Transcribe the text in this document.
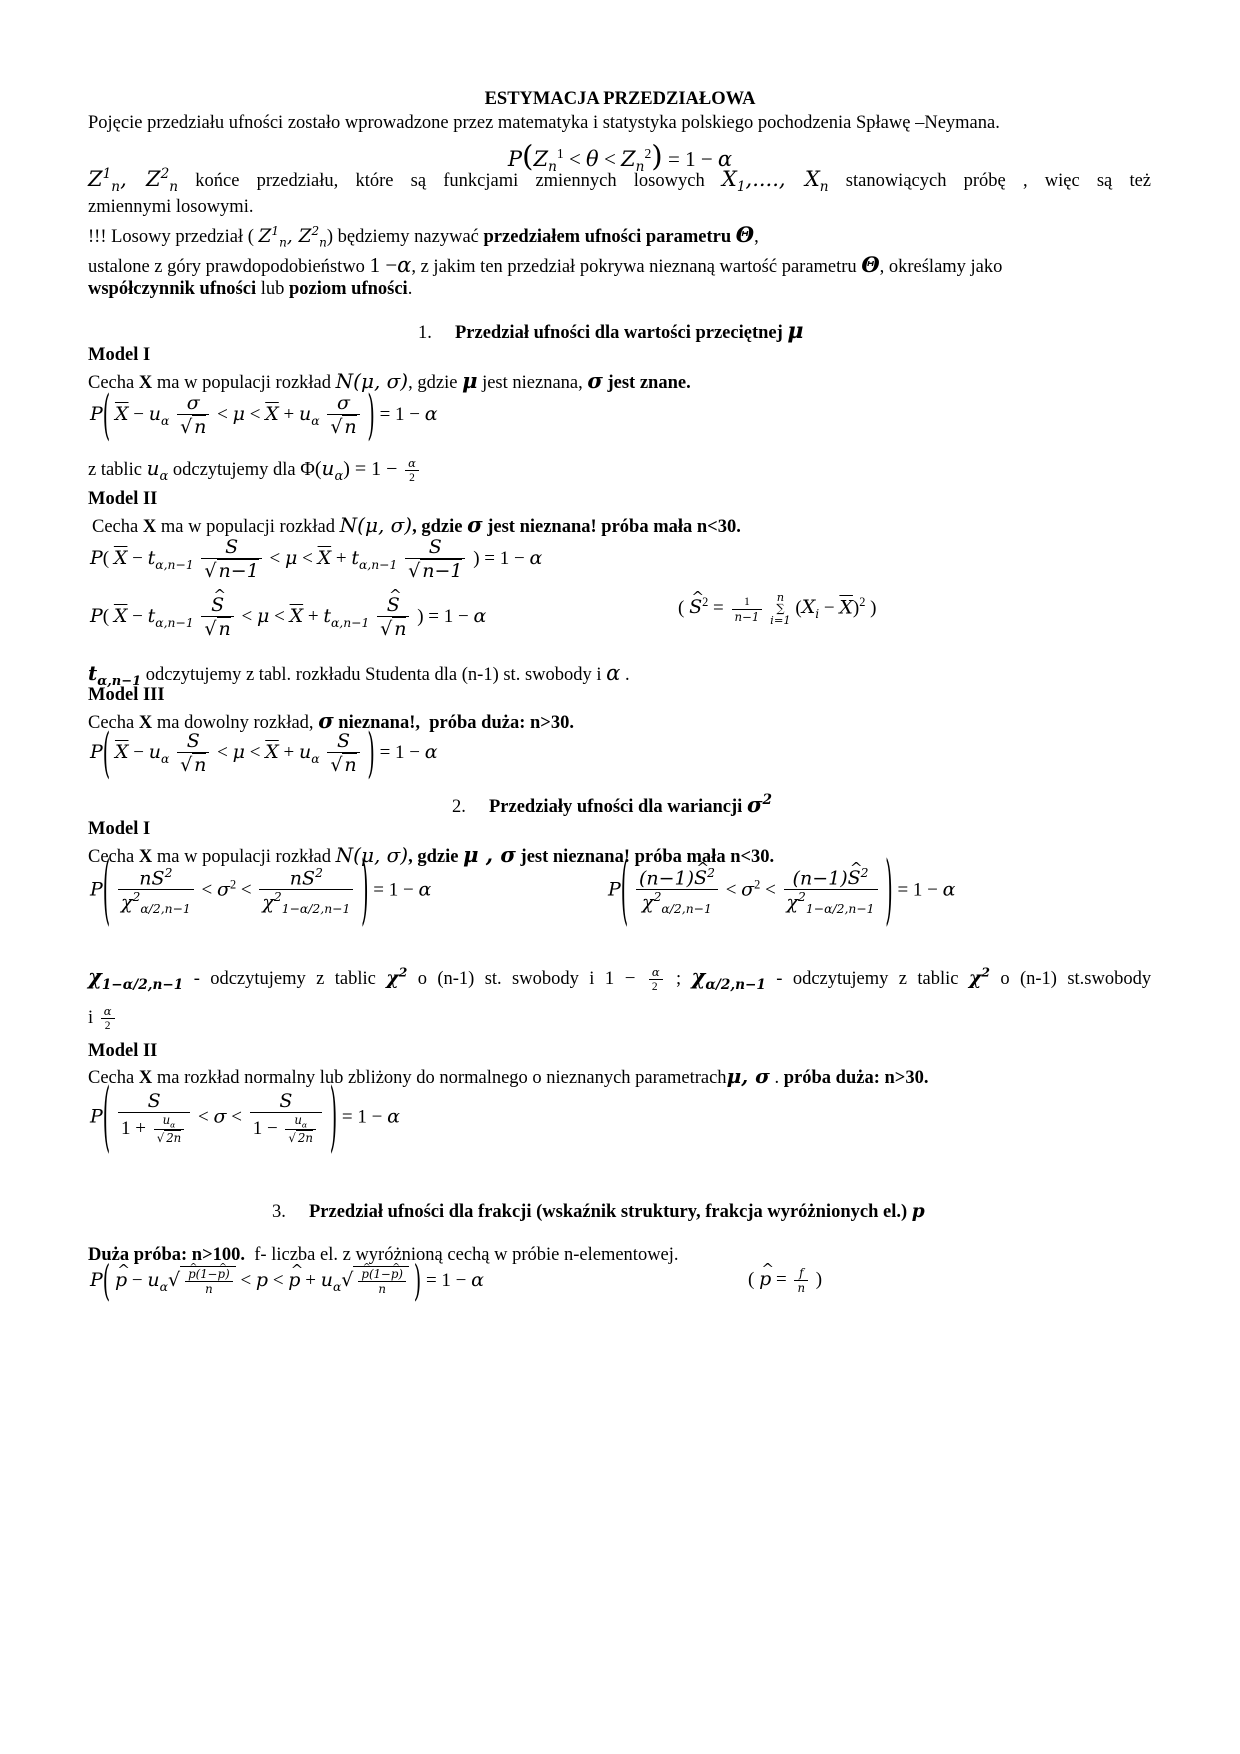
ESTYMACJA PRZEDZIAŁOWA
Pojęcie przedziału ufności zostało wprowadzone przez matematyka i statystyka polskiego pochodzenia Spławę –Neymana.
$P(Z_n^1 < \theta < Z_n^2) = 1 - \alpha$
$Z^1_n$, $Z^2_n$ końce przedziału, które są funkcjami zmiennych losowych $X_1$,...., $X_n$ stanowiących próbę , więc są też
zmiennymi losowymi.
!!! Losowy przedział ( $Z^1_n$, $Z^2_n$) będziemy nazywać przedziałem ufności parametru Θ,
ustalone z góry prawdopodobieństwo 1 −α, z jakim ten przedział pokrywa nieznaną wartość parametru Θ, określamy jako
współczynnik ufności lub poziom ufności.
1. Przedział ufności dla wartości przeciętnej μ
Model I
Cecha X ma w populacji rozkład N(μ, σ), gdzie μ jest nieznana, σ jest znane.
P( $\overline{X} - u_\alpha \frac{\sigma}{√ n} < \mu < \overline{X} + u_\alpha \frac{\sigma}{√ n}$ ) = 1 − α
z tablic $u_\alpha$ odczytujemy dla $\Phi(u_\alpha) = 1 - \frac{\alpha}{2}$
Model II
Cecha X ma w populacji rozkład N(μ, σ), gdzie σ jest nieznana! próba mała n<30.
P( $\overline{X} - t_{\alpha,n-1} \frac{S}{√ n-1} < \mu < \overline{X} + t_{\alpha,n-1} \frac{S}{√ n-1}$ ) = 1 − α
P( $\overline{X} - t_{\alpha,n-1}$ ^ $\frac{S}{√ n} < \mu < \overline{X} + t_{\alpha,n-1}$ ^ $\frac{S}{√ n}$ ) = 1 − α	( ^ $S^2 = \frac{1}{n-1}$
	n
∑
i=1
$(X_i - \overline{X})^2$ )
$t_{\alpha,n-1}$ odczytujemy z tabl. rozkładu Studenta dla (n-1) st. swobody i α .
Model III
Cecha X ma dowolny rozkład, σ nieznana!, próba duża: n>30.
P( $\overline{X} - u_\alpha \frac{S}{√ n} < \mu < \overline{X} + u_\alpha \frac{S}{√ n}$ ) = 1 − α
2. Przedziały ufności dla wariancji $\sigma^2$
Model I
Cecha X ma w populacji rozkład N(μ, σ), gdzie μ , σ jest nieznana! próba mała n<30.
$P( \frac{nS^2}{\chi^2_{\alpha/2,n-1}} < \sigma^2 < \frac{nS^2}{\chi^2_{1-\alpha/2,n-1}}$ ) = 1 − α	$P( \frac{(n-1)\^{} S^2}{\chi^2_{\alpha/2,n-1}} < \sigma^2 < \frac{(n-1)\^{} S^2}{\chi^2_{1-\alpha/2,n-1}}$ ) = 1 − α
$\chi_{1-\alpha/2,n-1}$ - odczytujemy z tablic $\chi^2$ o (n-1) st. swobody i $1 - \frac{\alpha}{2}$ ; $\chi_{\alpha/2,n-1}$ - odczytujemy z tablic $\chi^2$ o (n-1) st.swobody
i $\frac{\alpha}{2}$
Model II
Cecha X ma rozkład normalny lub zbliżony do normalnego o nieznanych parametrachμ, σ . próba duża: n>30.
$P( \frac{S}{1 + \frac{u_\alpha}{√ 2n}} < \sigma < \frac{S}{1 - \frac{u_\alpha}{√ 2n}}$ ) = 1 − α
3. Przedział ufności dla frakcji (wskaźnik struktury, frakcja wyróżnionych el.) p
Duża próba: n>100. f- liczba el. z wyróżnioną cechą w próbie n-elementowej.
P( ^ $p - u_\alpha√$ ^ $\frac{p(1-\^{} p)}{n} < p$ < ^ $p + u_\alpha√$ ^ $\frac{p(1-\^{} p)}{n}$ ) = 1 − α	( ^ $p = \frac{f}{n}$ )
